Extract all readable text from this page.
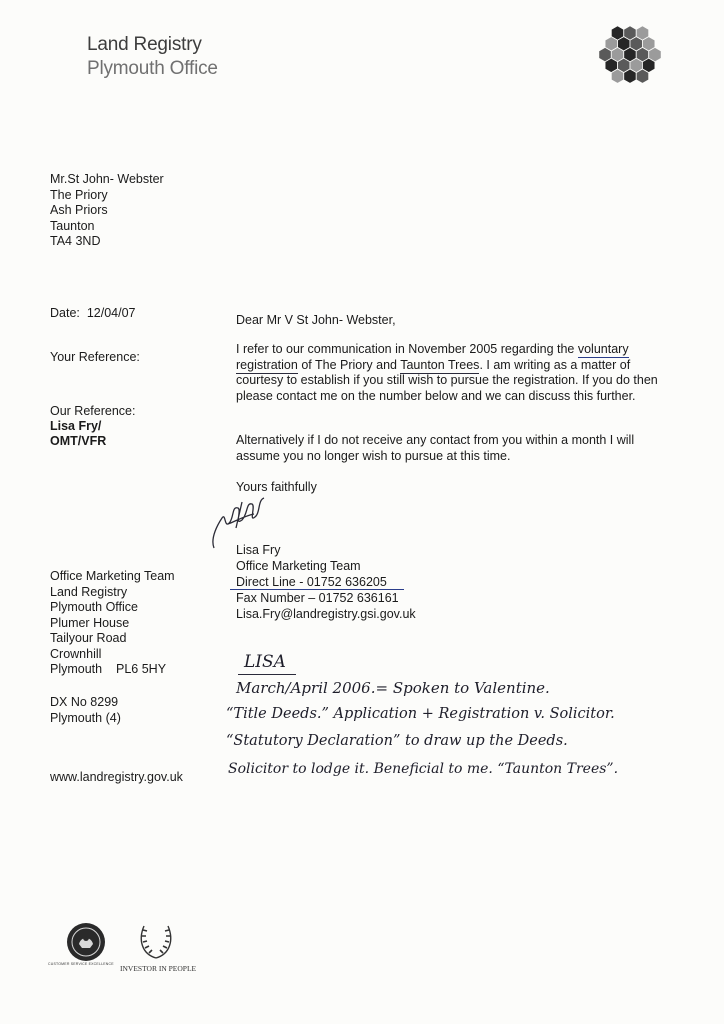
Land Registry
Plymouth Office
Mr.St John- Webster
The Priory
Ash Priors
Taunton
TA4 3ND
Date: 12/04/07
Your Reference:
Our Reference:
Lisa Fry/
OMT/VFR
Dear Mr V St John- Webster,
I refer to our communication in November 2005 regarding the voluntary registration of The Priory and Taunton Trees. I am writing as a matter of courtesy to establish if you still wish to pursue the registration. If you do then please contact me on the number below and we can discuss this further.
Alternatively if I do not receive any contact from you within a month I will assume you no longer wish to pursue at this time.
Yours faithfully
Lisa Fry
Office Marketing Team
Direct Line - 01752 636205
Fax Number – 01752 636161
Lisa.Fry@landregistry.gsi.gov.uk
Office Marketing Team
Land Registry
Plymouth Office
Plumer House
Tailyour Road
Crownhill
Plymouth    PL6 5HY
DX No 8299
Plymouth (4)
www.landregistry.gov.uk
LISA
March/April 2006.= Spoken to Valentine.
“Title Deeds.” Application + Registration v. Solicitor.
“Statutory Declaration” to draw up the Deeds.
Solicitor to lodge it. Beneficial to me. “Taunton Trees”.
CUSTOMER SERVICE EXCELLENCE INVESTOR IN PEOPLE
